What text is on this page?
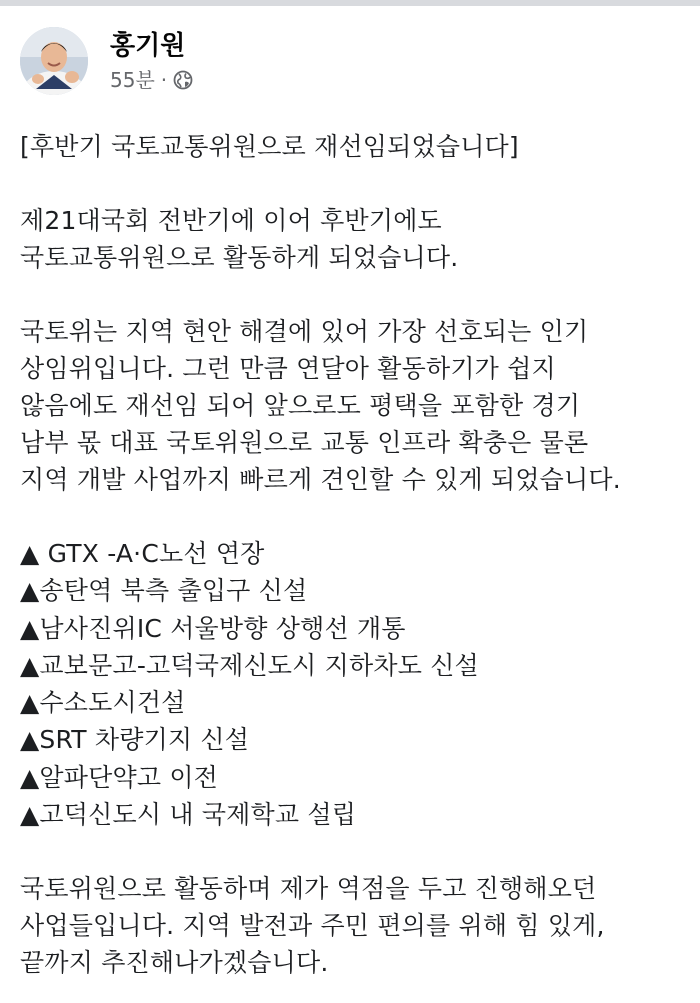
홍기원
55분 ·
[후반기 국토교통위원으로 재선임되었습니다]
제21대국회 전반기에 이어 후반기에도
국토교통위원으로 활동하게 되었습니다.
국토위는 지역 현안 해결에 있어 가장 선호되는 인기
상임위입니다. 그런 만큼 연달아 활동하기가 쉽지
않음에도 재선임 되어 앞으로도 평택을 포함한 경기
남부 몫 대표 국토위원으로 교통 인프라 확충은 물론
지역 개발 사업까지 빠르게 견인할 수 있게 되었습니다.
▲ GTX -A·C노선 연장
▲송탄역 북측 출입구 신설
▲남사진위IC 서울방향 상행선 개통
▲교보문고-고덕국제신도시 지하차도 신설
▲수소도시건설
▲SRT 차량기지 신설
▲알파단약고 이전
▲고덕신도시 내 국제학교 설립
국토위원으로 활동하며 제가 역점을 두고 진행해오던
사업들입니다. 지역 발전과 주민 편의를 위해 힘 있게,
끝까지 추진해나가겠습니다.
